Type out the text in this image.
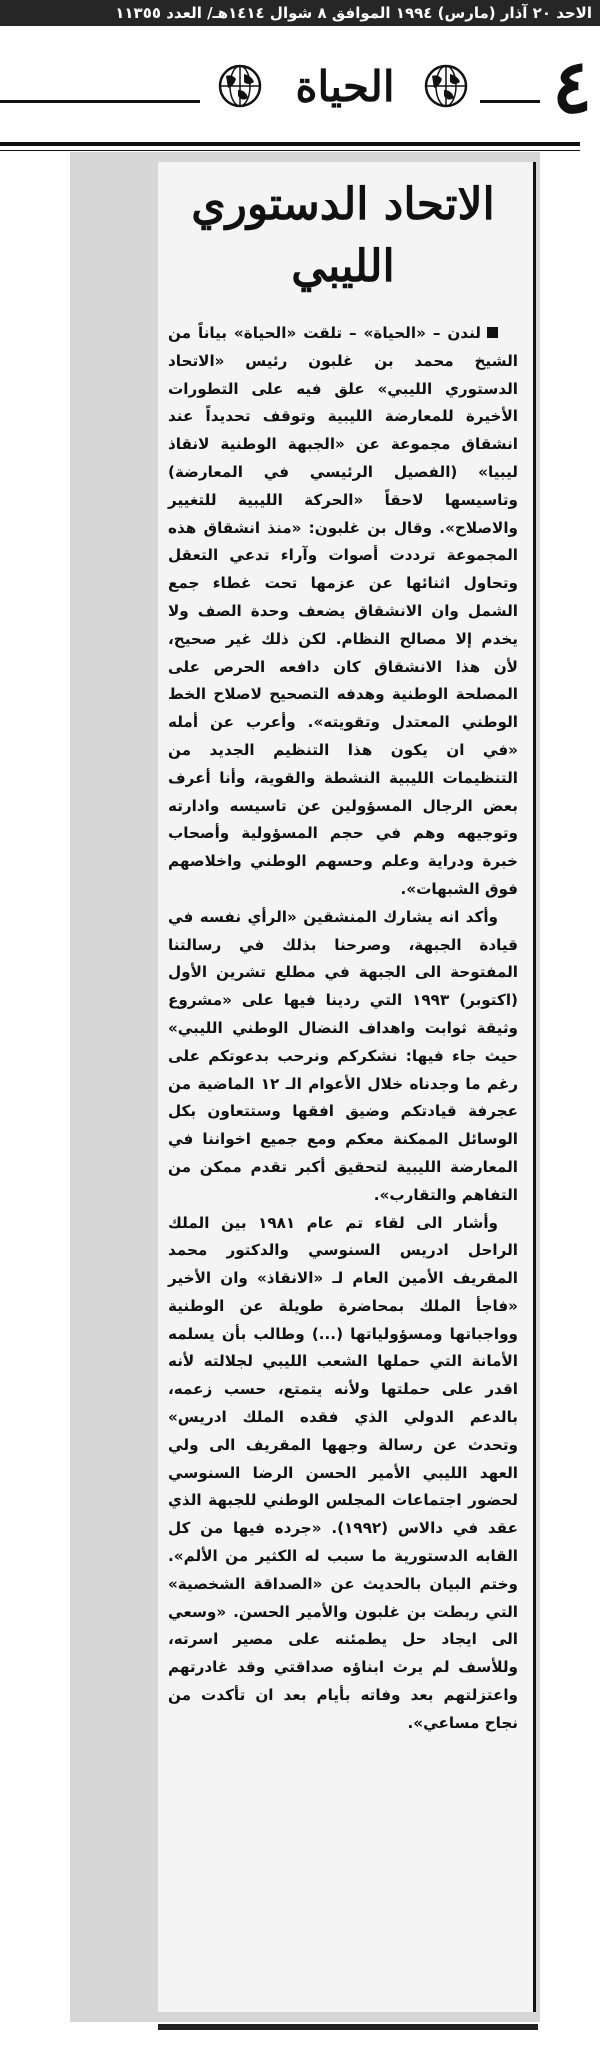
الاحد ٢٠ آذار (مارس) ١٩٩٤ الموافق ٨ شوال ١٤١٤هـ/ العدد ١١٣٥٥
٤
الحياة
الاتحاد الدستوري الليبي

لندن – «الحياة» – تلقت «الحياة» بياناً من الشيخ محمد بن غلبون رئيس «الاتحاد الدستوري الليبي» علق فيه على التطورات الأخيرة للمعارضة الليبية وتوقف تحديداً عند انشقاق مجموعة عن «الجبهة الوطنية لانقاذ ليبيا» (الفصيل الرئيسي في المعارضة) وتاسيسها لاحقاً «الحركة الليبية للتغيير والاصلاح». وقال بن غلبون: «منذ انشقاق هذه المجموعة ترددت أصوات وآراء تدعي التعقل وتحاول اثنائها عن عزمها تحت غطاء جمع الشمل وان الانشقاق يضعف وحدة الصف ولا يخدم إلا مصالح النظام. لكن ذلك غير صحيح، لأن هذا الانشقاق كان دافعه الحرص على المصلحة الوطنية وهدفه التصحيح لاصلاح الخط الوطني المعتدل وتقويته». وأعرب عن أمله «في ان يكون هذا التنظيم الجديد من التنظيمات الليبية النشطة والقوية، وأنا أعرف بعض الرجال المسؤولين عن تاسيسه وادارته وتوجيهه وهم في حجم المسؤولية وأصحاب خبرة ودراية وعلم وحسهم الوطني واخلاصهم فوق الشبهات».

وأكد انه يشارك المنشقين «الرأي نفسه في قيادة الجبهة، وصرحنا بذلك في رسالتنا المفتوحة الى الجبهة في مطلع تشرين الأول (اكتوبر) ١٩٩٣ التي ردينا فيها على «مشروع وثيقة ثوابت واهداف النضال الوطني الليبي» حيث جاء فيها: نشكركم ونرحب بدعوتكم على رغم ما وجدناه خلال الأعوام الـ ١٢ الماضية من عجرفة قيادتكم وضيق افقها وستتعاون بكل الوسائل الممكنة معكم ومع جميع اخواننا في المعارضة الليبية لتحقيق أكبر تقدم ممكن من التفاهم والتقارب».

وأشار الى لقاء تم عام ١٩٨١ بين الملك الراحل ادريس السنوسي والدكتور محمد المقريف الأمين العام لـ «الانقاذ» وان الأخير «فاجأ الملك بمحاضرة طويلة عن الوطنية وواجباتها ومسؤولياتها (...) وطالب بأن يسلمه الأمانة التي حملها الشعب الليبي لجلالته لأنه اقدر على حملتها ولأنه يتمتع، حسب زعمه، بالدعم الدولي الذي فقده الملك ادريس» وتحدث عن رسالة وجهها المقريف الى ولي العهد الليبي الأمير الحسن الرضا السنوسي لحضور اجتماعات المجلس الوطني للجبهة الذي عقد في دالاس (١٩٩٢). «جرده فيها من كل القابه الدستورية ما سبب له الكثير من الألم». وختم البيان بالحديث عن «الصداقة الشخصية» التي ربطت بن غلبون والأمير الحسن. «وسعي الى ايجاد حل يطمئنه على مصير اسرته، وللأسف لم يرث ابناؤه صداقتي وقد غادرتهم واعتزلتهم بعد وفاته بأيام بعد ان تأكدت من نجاح مساعي».
